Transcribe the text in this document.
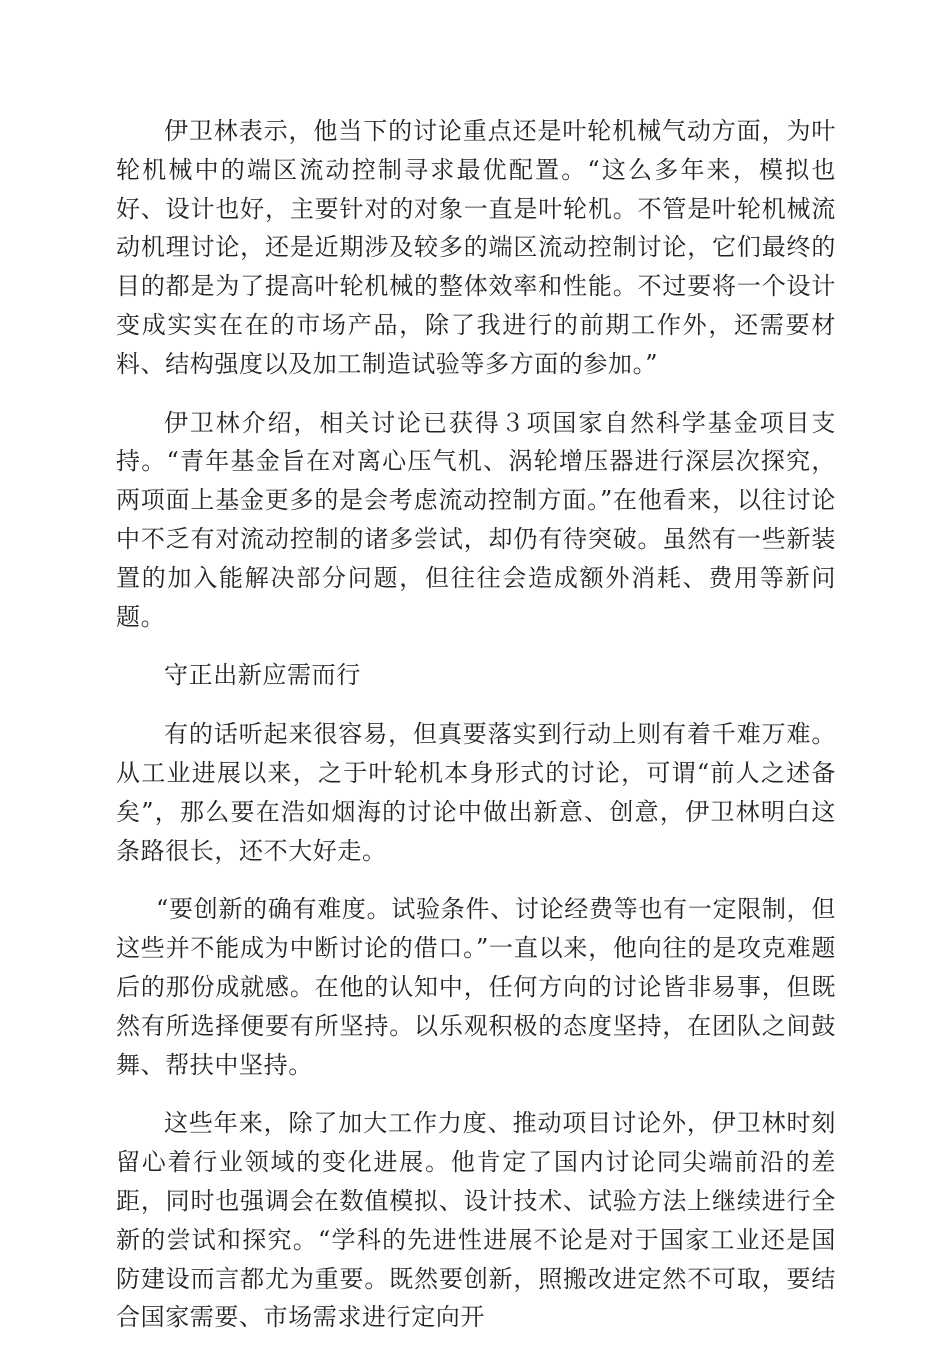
伊卫林表示，他当下的讨论重点还是叶轮机械气动方面，为叶轮机械中的端区流动控制寻求最优配置。“这么多年来，模拟也好、设计也好，主要针对的对象一直是叶轮机。不管是叶轮机械流动机理讨论，还是近期涉及较多的端区流动控制讨论，它们最终的目的都是为了提高叶轮机械的整体效率和性能。不过要将一个设计变成实实在在的市场产品，除了我进行的前期工作外，还需要材料、结构强度以及加工制造试验等多方面的参加。”

伊卫林介绍，相关讨论已获得３项国家自然科学基金项目支持。“青年基金旨在对离心压气机、涡轮增压器进行深层次探究，两项面上基金更多的是会考虑流动控制方面。”在他看来，以往讨论中不乏有对流动控制的诸多尝试，却仍有待突破。虽然有一些新装置的加入能解决部分问题，但往往会造成额外消耗、费用等新问题。

守正出新应需而行

有的话听起来很容易，但真要落实到行动上则有着千难万难。从工业进展以来，之于叶轮机本身形式的讨论，可谓“前人之述备矣”，那么要在浩如烟海的讨论中做出新意、创意，伊卫林明白这条路很长，还不大好走。

“要创新的确有难度。试验条件、讨论经费等也有一定限制，但这些并不能成为中断讨论的借口。”一直以来，他向往的是攻克难题后的那份成就感。在他的认知中，任何方向的讨论皆非易事，但既然有所选择便要有所坚持。以乐观积极的态度坚持，在团队之间鼓舞、帮扶中坚持。

这些年来，除了加大工作力度、推动项目讨论外，伊卫林时刻留心着行业领域的变化进展。他肯定了国内讨论同尖端前沿的差距，同时也强调会在数值模拟、设计技术、试验方法上继续进行全新的尝试和探究。“学科的先进性进展不论是对于国家工业还是国防建设而言都尤为重要。既然要创新，照搬改进定然不可取，要结合国家需要、市场需求进行定向开
